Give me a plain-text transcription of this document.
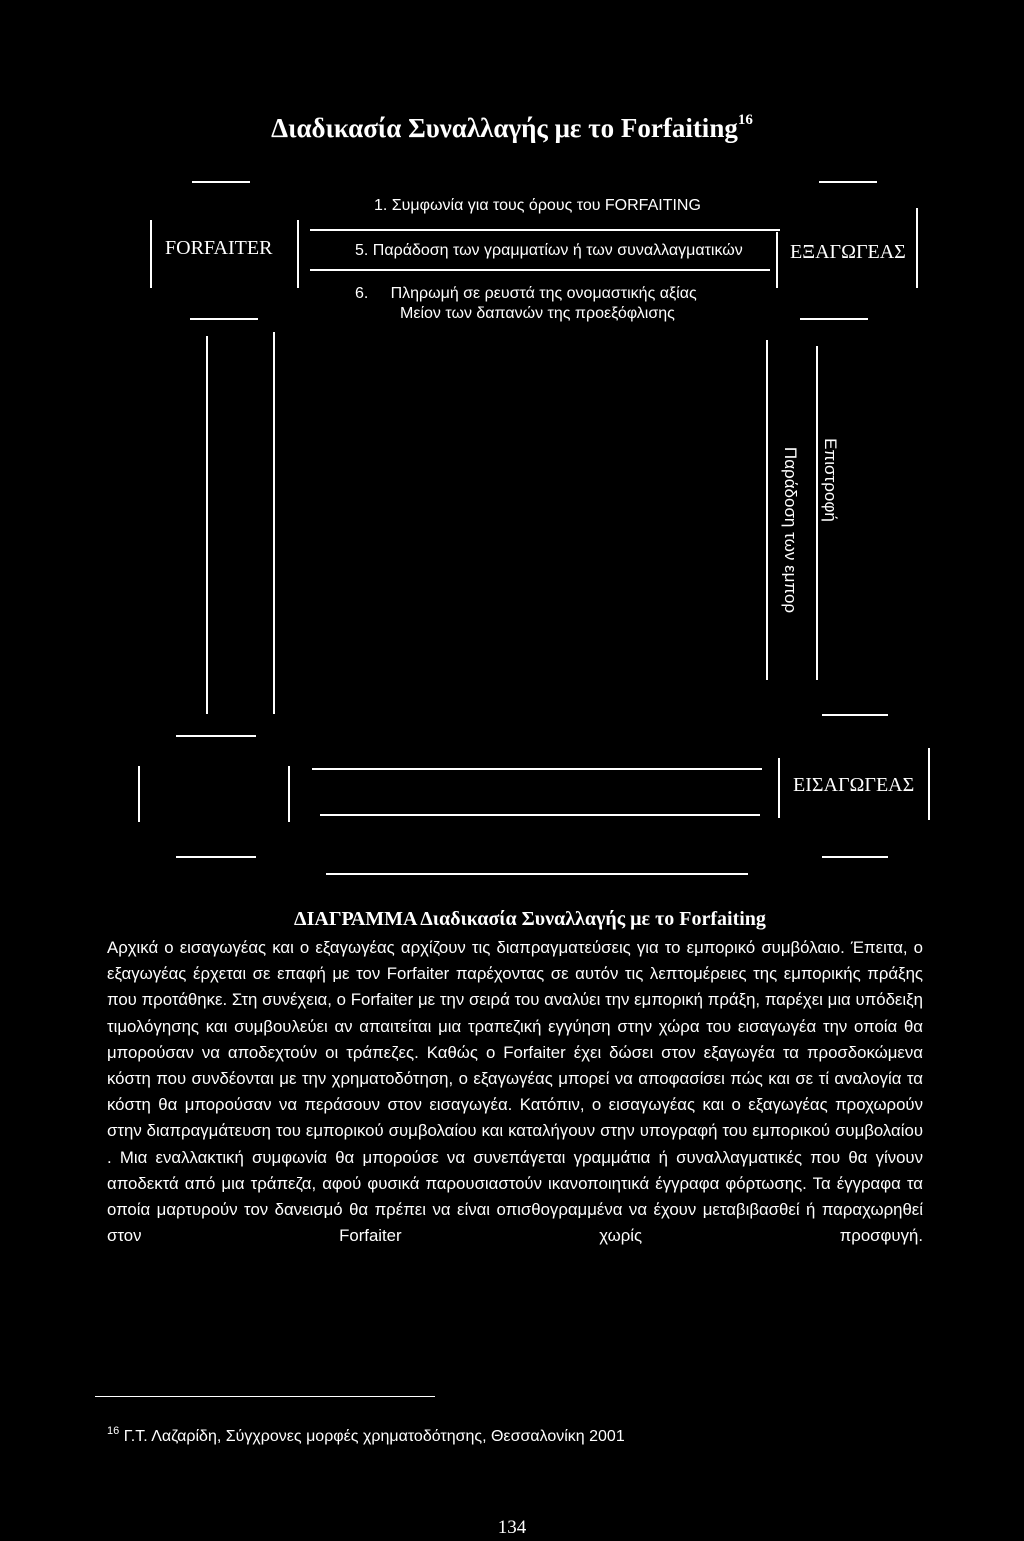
Διαδικασία Συναλλαγής με το Forfaiting$^{16}$
FORFAITER	ΕΞΑΓΩΓΕΑΣ
1. Συμφωνία για τους όρους του FORFAITING
5. Παράδοση των γραμματίων ή των συναλλαγματικών
6.     Πληρωμή σε ρευστά της ονομαστικής αξίας
Μείον των δαπανών της προεξόφλισης
Παράδοση των εμπορ Επιστροφή
ΕΙΣΑΓΩΓΕΑΣ
ΔΙΑΓΡΑΜΜΑ Διαδικασία Συναλλαγής με το Forfaiting
Αρχικά ο εισαγωγέας και ο εξαγωγέας αρχίζουν τις διαπραγματεύσεις για το εμπορικό συμβόλαιο. Έπειτα, ο εξαγωγέας έρχεται σε επαφή με τον Forfaiter παρέχοντας σε αυτόν τις λεπτομέρειες της εμπορικής πράξης που προτάθηκε. Στη συνέχεια, ο Forfaiter με την σειρά του αναλύει την εμπορική πράξη, παρέχει μια υπόδειξη τιμολόγησης και συμβουλεύει αν απαιτείται μια τραπεζική εγγύηση στην χώρα του εισαγωγέα την οποία θα μπορούσαν να αποδεχτούν οι τράπεζες. Καθώς ο Forfaiter έχει δώσει στον εξαγωγέα τα προσδοκώμενα κόστη που συνδέονται με την χρηματοδότηση, ο εξαγωγέας μπορεί να αποφασίσει πώς και σε τί αναλογία τα κόστη θα μπορούσαν να περάσουν στον εισαγωγέα. Κατόπιν, ο εισαγωγέας και ο εξαγωγέας προχωρούν στην διαπραγμάτευση του εμπορικού συμβολαίου και καταλήγουν στην υπογραφή του εμπορικού συμβολαίου . Μια εναλλακτική συμφωνία θα μπορούσε να συνεπάγεται γραμμάτια ή συναλλαγματικές που θα γίνουν αποδεκτά από μια τράπεζα, αφού φυσικά παρουσιαστούν ικανοποιητικά έγγραφα φόρτωσης. Τα έγγραφα τα οποία μαρτυρούν τον δανεισμό θα πρέπει να είναι οπισθογραμμένα να έχουν μεταβιβασθεί ή παραχωρηθεί στον Forfaiter χωρίς προσφυγή.
$^{16}$ Γ.Τ. Λαζαρίδη, Σύγχρονες μορφές χρηματοδότησης, Θεσσαλονίκη 2001
134
